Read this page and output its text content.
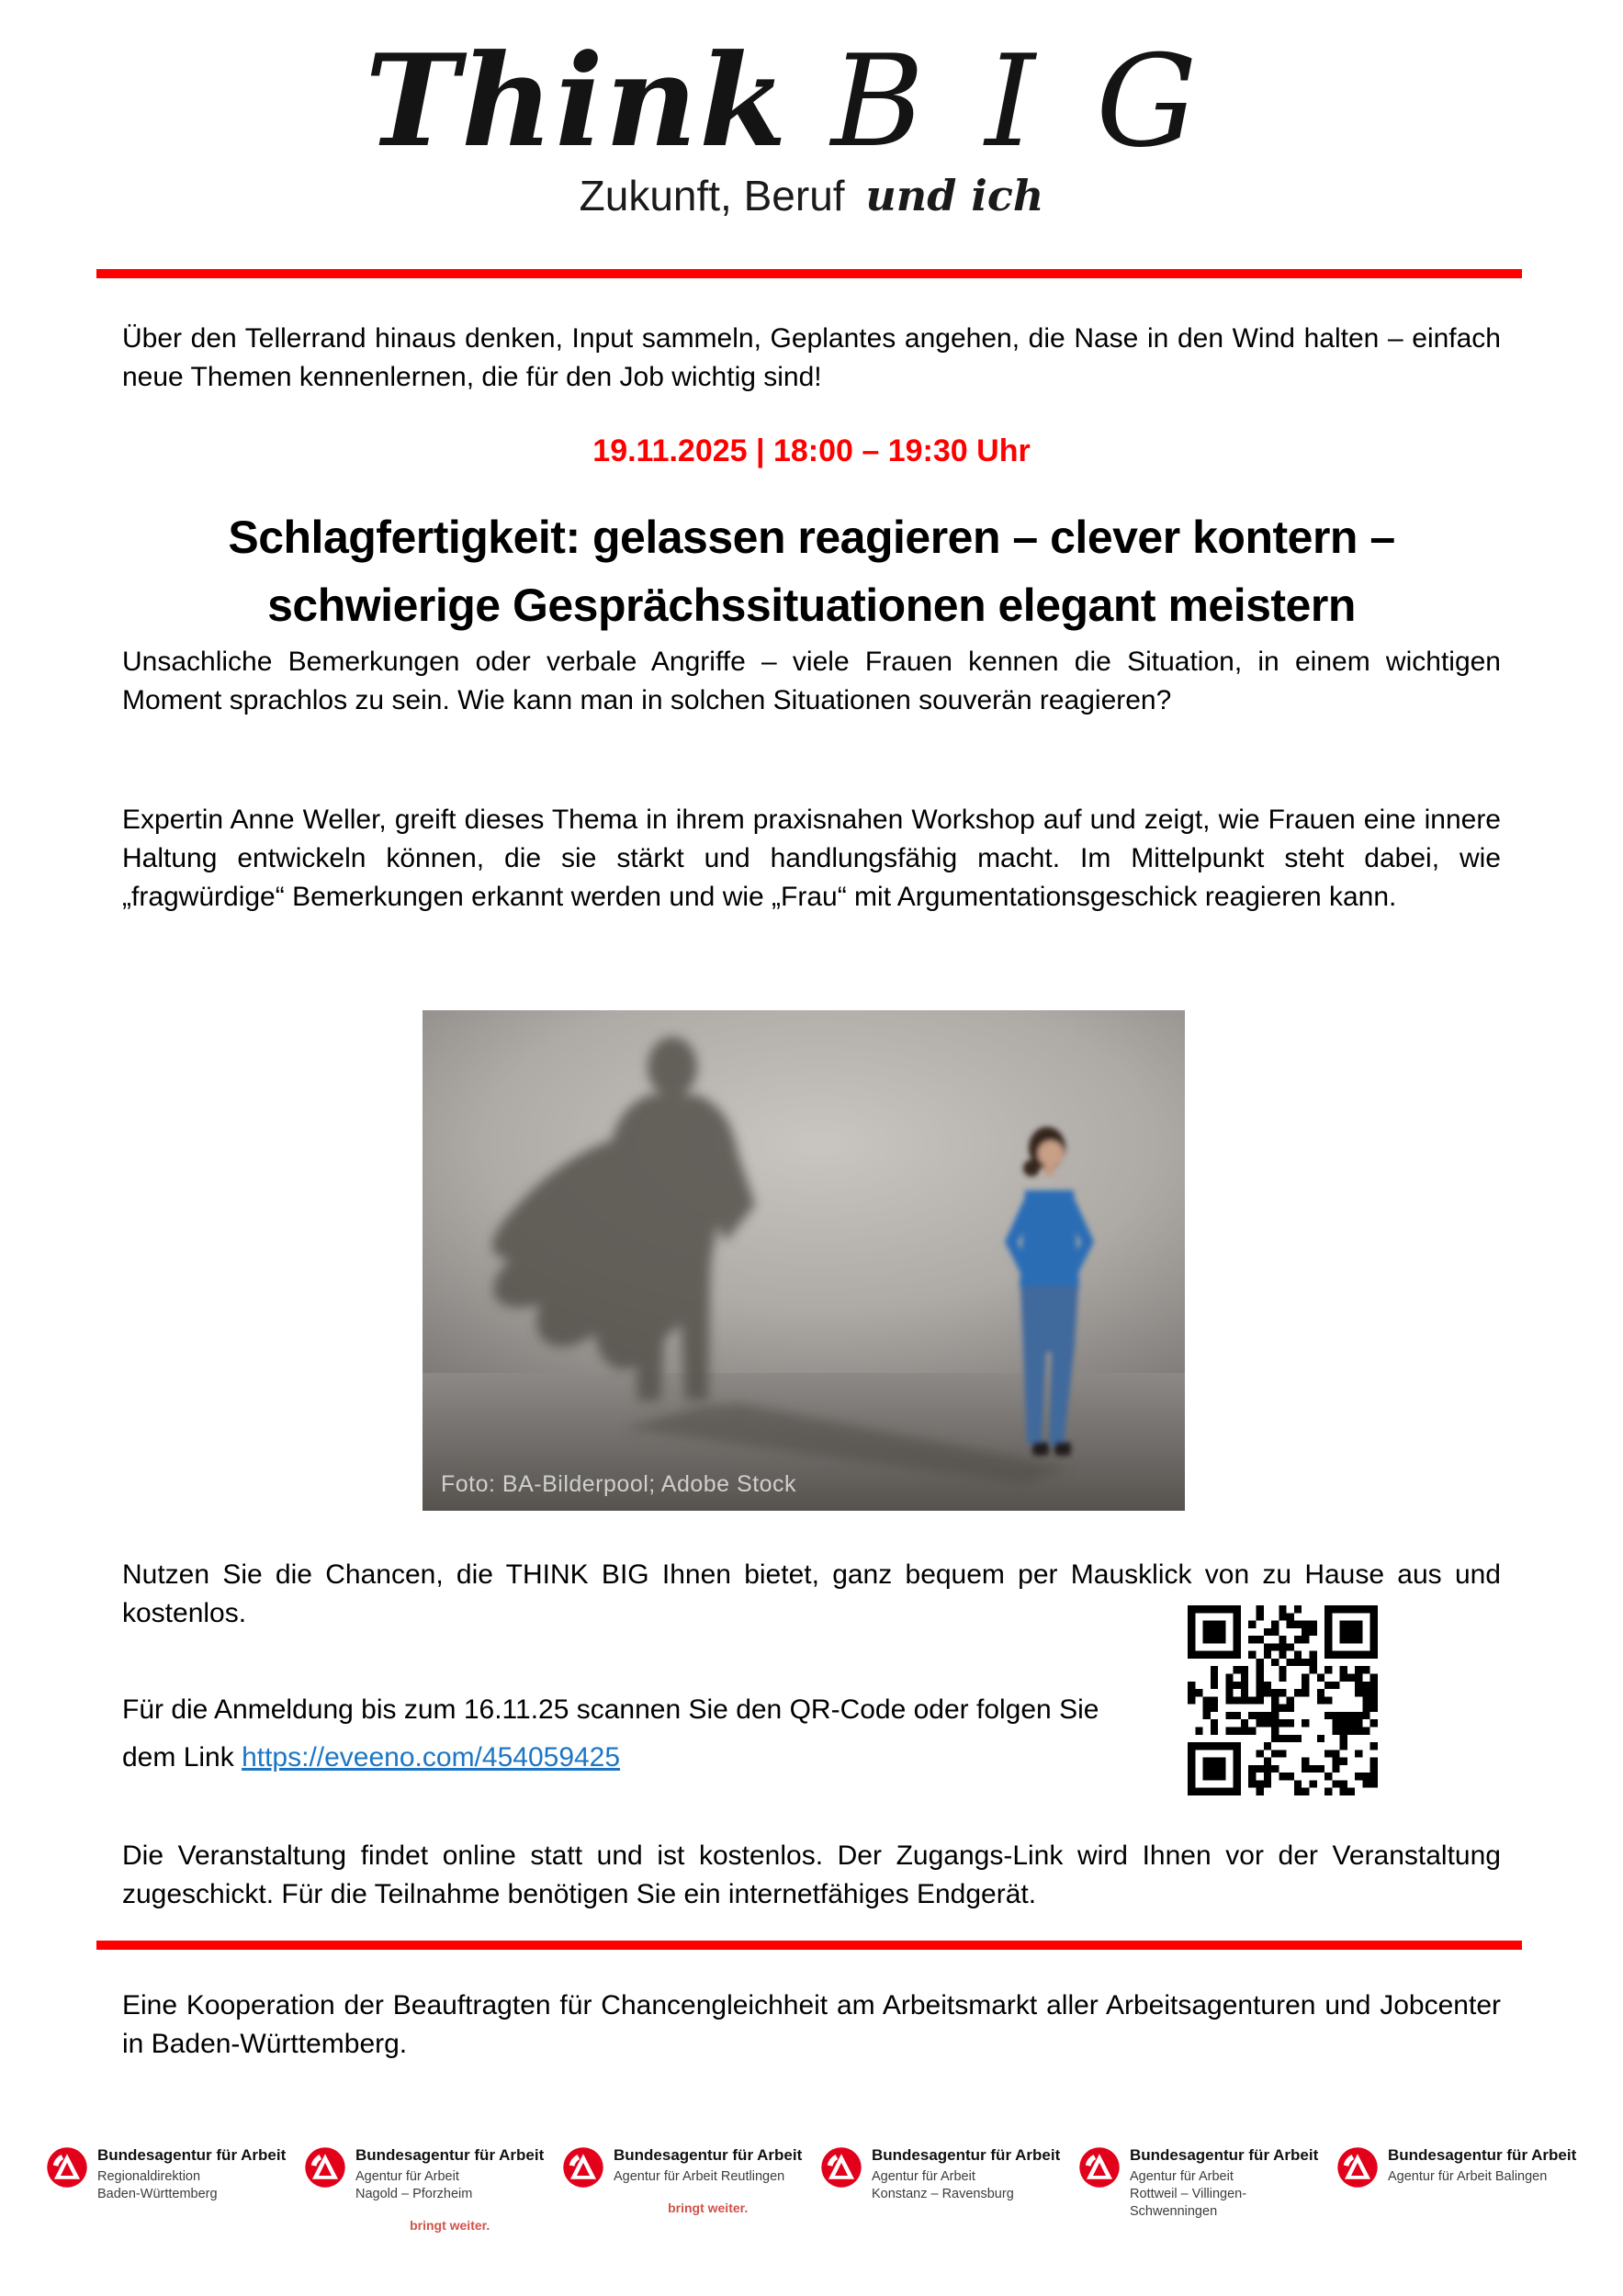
Think BIG
Zukunft, Beruf und ich
Über den Tellerrand hinaus denken, Input sammeln, Geplantes angehen, die Nase in den Wind halten – einfach neue Themen kennenlernen, die für den Job wichtig sind!
19.11.2025 | 18:00 – 19:30 Uhr
Schlagfertigkeit: gelassen reagieren – clever kontern –
schwierige Gesprächssituationen elegant meistern
Unsachliche Bemerkungen oder verbale Angriffe – viele Frauen kennen die Situation, in einem wichtigen Moment sprachlos zu sein. Wie kann man in solchen Situationen souverän reagieren?
Expertin Anne Weller, greift dieses Thema in ihrem praxisnahen Workshop auf und zeigt, wie Frauen eine innere Haltung entwickeln können, die sie stärkt und handlungsfähig macht. Im Mittelpunkt steht dabei, wie „fragwürdige“ Bemerkungen erkannt werden und wie „Frau“ mit Argumentationsgeschick reagieren kann.
Foto: BA-Bilderpool; Adobe Stock
Nutzen Sie die Chancen, die THINK BIG Ihnen bietet, ganz bequem per Mausklick von zu Hause aus und kostenlos.
Für die Anmeldung bis zum 16.11.25 scannen Sie den QR-Code oder folgen Sie dem Link https://eveeno.com/454059425
Die Veranstaltung findet online statt und ist kostenlos. Der Zugangs-Link wird Ihnen vor der Veranstaltung zugeschickt. Für die Teilnahme benötigen Sie ein internetfähiges Endgerät.
Eine Kooperation der Beauftragten für Chancengleichheit am Arbeitsmarkt aller Arbeitsagenturen und Jobcenter in Baden-Württemberg.
Bundesagentur für Arbeit
Regionaldirektion
Baden-Württemberg
Bundesagentur für Arbeit
Agentur für Arbeit
Nagold – Pforzheim
bringt weiter.
Bundesagentur für Arbeit
Agentur für Arbeit Reutlingen
bringt weiter.
Bundesagentur für Arbeit
Agentur für Arbeit
Konstanz – Ravensburg
Bundesagentur für Arbeit
Agentur für Arbeit
Rottweil – Villingen-Schwenningen
Bundesagentur für Arbeit
Agentur für Arbeit Balingen
